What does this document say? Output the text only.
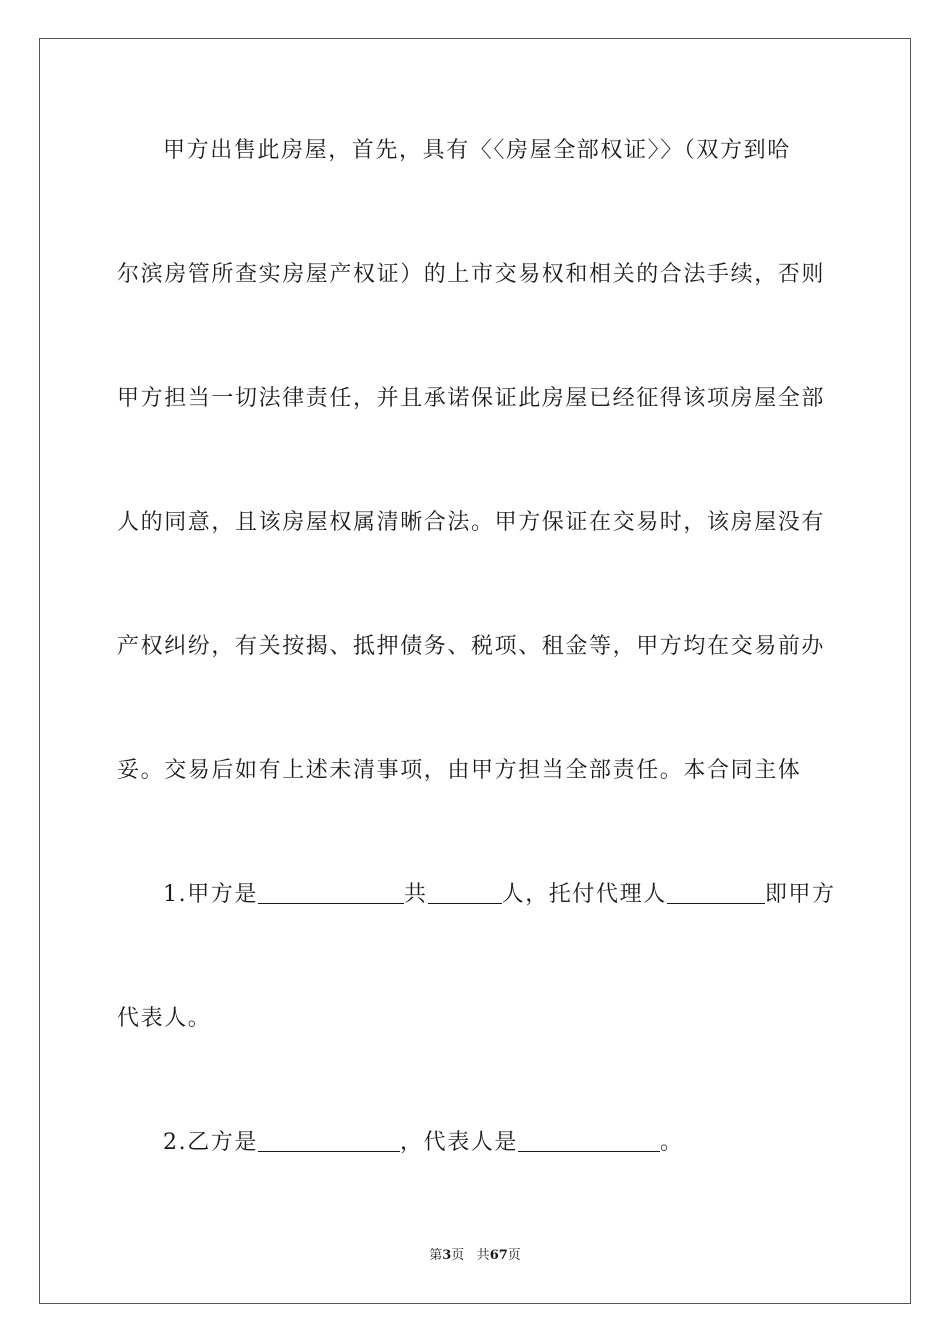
甲方出售此房屋，首先，具有〈〈房屋全部权证〉〉（双方到哈
尔滨房管所查实房屋产权证）的上市交易权和相关的合法手续，否则
甲方担当一切法律责任，并且承诺保证此房屋已经征得该项房屋全部
人的同意，且该房屋权属清晰合法。甲方保证在交易时，该房屋没有
产权纠纷，有关按揭、抵押债务、税项、租金等，甲方均在交易前办
妥。交易后如有上述未清事项，由甲方担当全部责任。本合同主体
1.甲方是	共	人，托付代理人	即甲方
代表人。
2.乙方是	，代表人是	。
第3页 共67页
